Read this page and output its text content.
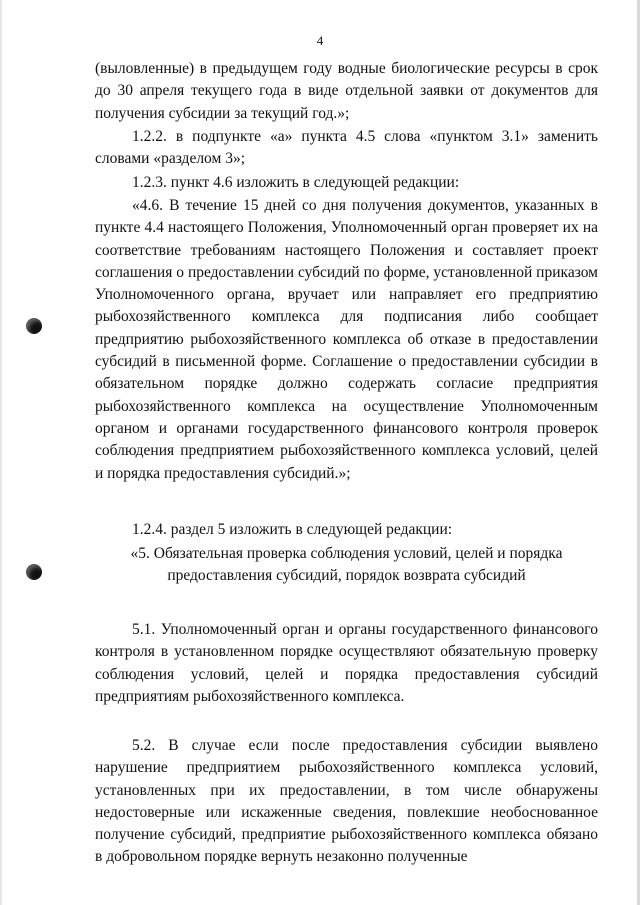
4

(выловленные) в предыдущем году водные биологические ресурсы в срок до 30 апреля текущего года в виде отдельной заявки от документов для получения субсидии за текущий год.»;

1.2.2. в подпункте «а» пункта 4.5 слова «пунктом 3.1» заменить словами «разделом 3»;

1.2.3. пункт 4.6 изложить в следующей редакции:

«4.6. В течение 15 дней со дня получения документов, указанных в пункте 4.4 настоящего Положения, Уполномоченный орган проверяет их на соответствие требованиям настоящего Положения и составляет проект соглашения о предоставлении субсидий по форме, установленной приказом Уполномоченного органа, вручает или направляет его предприятию рыбохозяйственного комплекса для подписания либо сообщает предприятию рыбохозяйственного комплекса об отказе в предоставлении субсидий в письменной форме. Соглашение о предоставлении субсидии в обязательном порядке должно содержать согласие предприятия рыбохозяйственного комплекса на осуществление Уполномоченным органом и органами государственного финансового контроля проверок соблюдения предприятием рыбохозяйственного комплекса условий, целей и порядка предоставления субсидий.»;

1.2.4. раздел 5 изложить в следующей редакции:

«5. Обязательная проверка соблюдения условий, целей и порядка предоставления субсидий, порядок возврата субсидий

5.1. Уполномоченный орган и органы государственного финансового контроля в установленном порядке осуществляют обязательную проверку соблюдения условий, целей и порядка предоставления субсидий предприятиям рыбохозяйственного комплекса.

5.2. В случае если после предоставления субсидии выявлено нарушение предприятием рыбохозяйственного комплекса условий, установленных при их предоставлении, в том числе обнаружены недостоверные или искаженные сведения, повлекшие необоснованное получение субсидий, предприятие рыбохозяйственного комплекса обязано в добровольном порядке вернуть незаконно полученные
